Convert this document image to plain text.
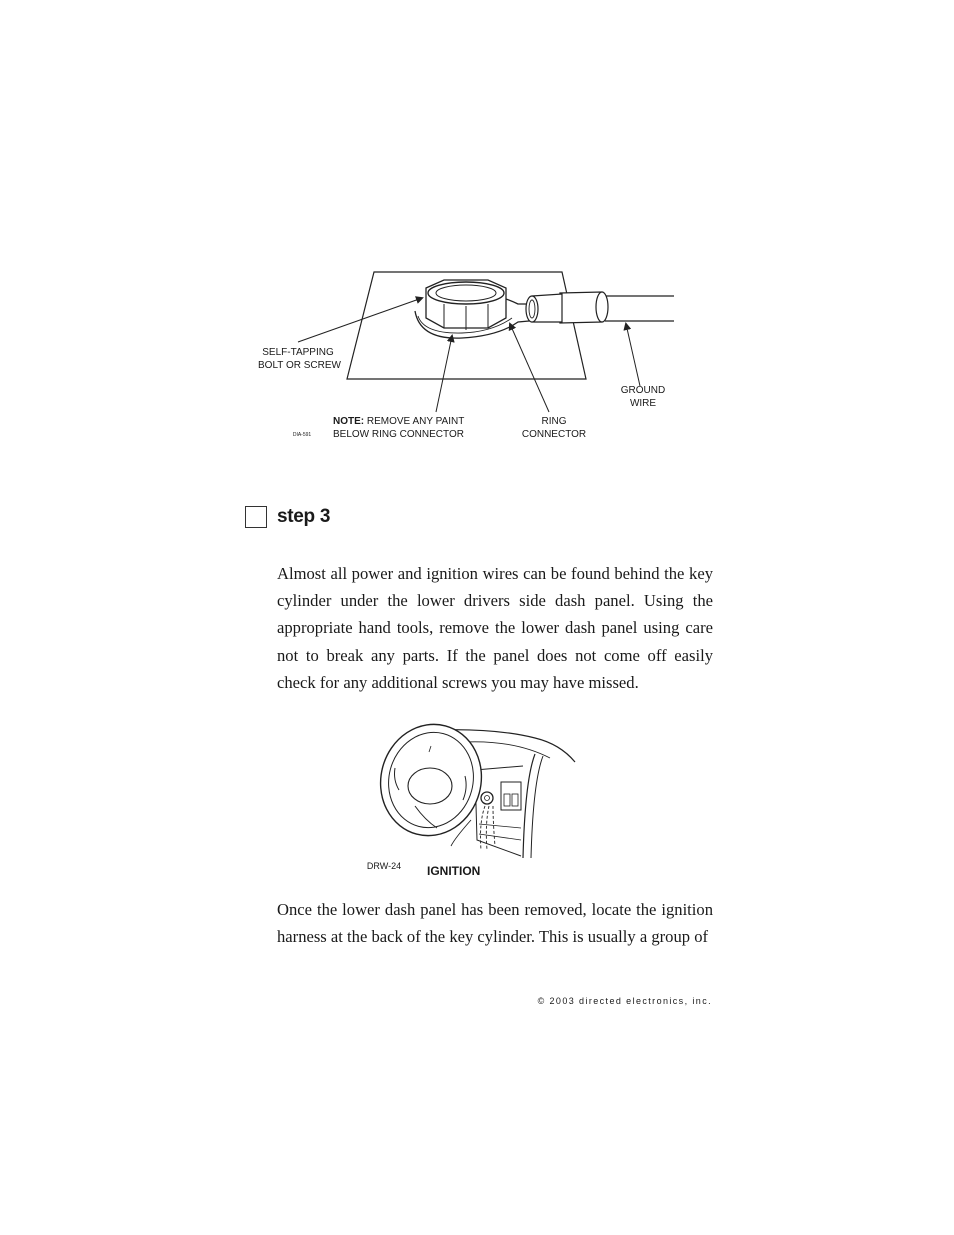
SELF-TAPPING
BOLT OR SCREW
NOTE: REMOVE ANY PAINT
BELOW RING CONNECTOR
RING
CONNECTOR
GROUND
WIRE
DIA-591
step 3

Almost all power and ignition wires can be found behind the key cylinder under the lower drivers side dash panel. Using the appropriate hand tools, remove the lower dash panel using care not to break any parts. If the panel does not come off easily check for any additional screws you may have missed.

DRW-24 IGNITION

Once the lower dash panel has been removed, locate the ignition harness at the back of the key cylinder. This is usually a group of

© 2003 directed electronics, inc.
